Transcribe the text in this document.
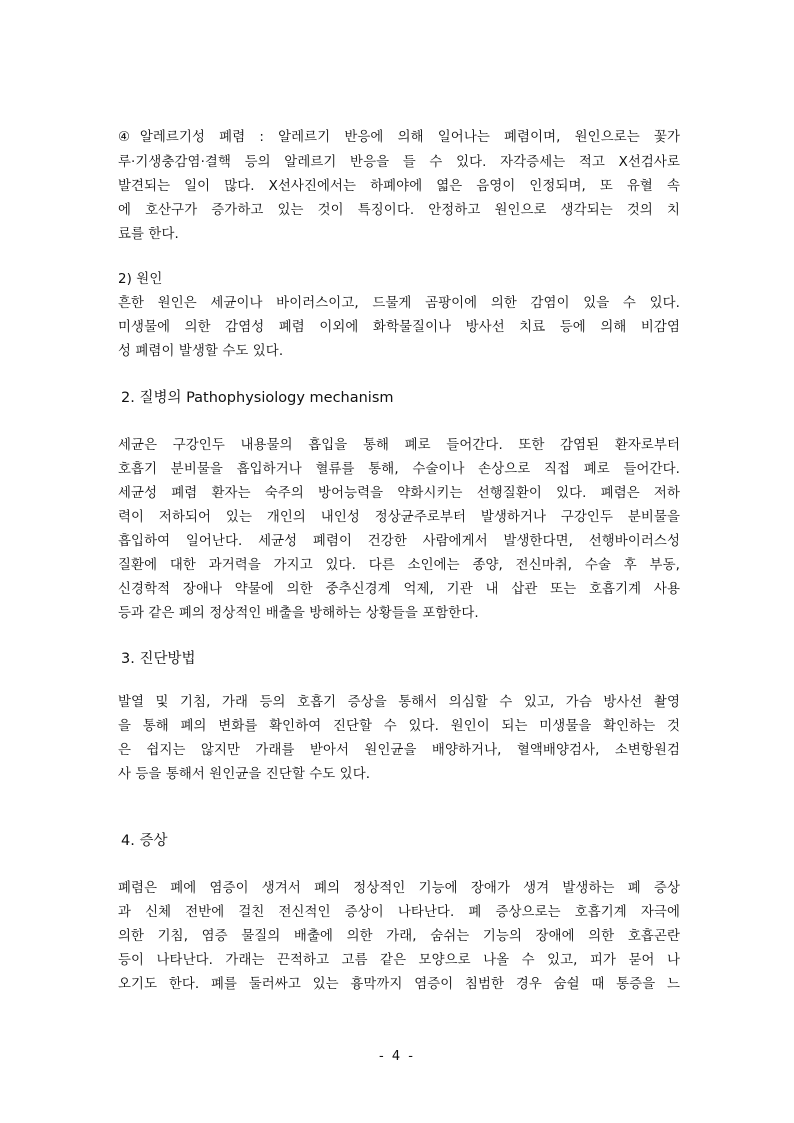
④알레르기성 폐렴 : 알레르기 반응에 의해 일어나는 폐렴이며, 원인으로는 꽃가
루·기생충감염·결핵 등의 알레르기 반응을 들 수 있다. 자각증세는 적고 X선검사로
발견되는 일이 많다. X선사진에서는 하폐야에 엷은 음영이 인정되며, 또 유혈 속
에 호산구가 증가하고 있는 것이 특징이다. 안정하고 원인으로 생각되는 것의 치
료를 한다.
2) 원인
흔한 원인은 세균이나 바이러스이고, 드물게 곰팡이에 의한 감염이 있을 수 있다.
미생물에 의한 감염성 폐렴 이외에 화학물질이나 방사선 치료 등에 의해 비감염
성 폐렴이 발생할 수도 있다.
2. 질병의 Pathophysiology mechanism
세균은 구강인두 내용물의 흡입을 통해 폐로 들어간다. 또한 감염된 환자로부터
호흡기 분비물을 흡입하거나 혈류를 통해, 수술이나 손상으로 직접 폐로 들어간다.
세균성 폐렴 환자는 숙주의 방어능력을 약화시키는 선행질환이 있다. 폐렴은 저하
력이 저하되어 있는 개인의 내인성 정상균주로부터 발생하거나 구강인두 분비물을
흡입하여 일어난다. 세균성 폐렴이 건강한 사람에게서 발생한다면, 선행바이러스성
질환에 대한 과거력을 가지고 있다. 다른 소인에는 종양, 전신마취, 수술 후 부동,
신경학적 장애나 약물에 의한 중추신경계 억제, 기관 내 삽관 또는 호흡기계 사용
등과 같은 폐의 정상적인 배출을 방해하는 상황들을 포함한다.
3. 진단방법
발열 및 기침, 가래 등의 호흡기 증상을 통해서 의심할 수 있고, 가슴 방사선 촬영
을 통해 폐의 변화를 확인하여 진단할 수 있다. 원인이 되는 미생물을 확인하는 것
은 쉽지는 않지만 가래를 받아서 원인균을 배양하거나, 혈액배양검사, 소변항원검
사 등을 통해서 원인균을 진단할 수도 있다.
4. 증상
폐렴은 폐에 염증이 생겨서 폐의 정상적인 기능에 장애가 생겨 발생하는 폐 증상
과 신체 전반에 걸친 전신적인 증상이 나타난다. 폐 증상으로는 호흡기계 자극에
의한 기침, 염증 물질의 배출에 의한 가래, 숨쉬는 기능의 장애에 의한 호흡곤란
등이 나타난다. 가래는 끈적하고 고름 같은 모양으로 나올 수 있고, 피가 묻어 나
오기도 한다. 폐를 둘러싸고 있는 흉막까지 염증이 침범한 경우 숨쉴 때 통증을 느
- 4 -
